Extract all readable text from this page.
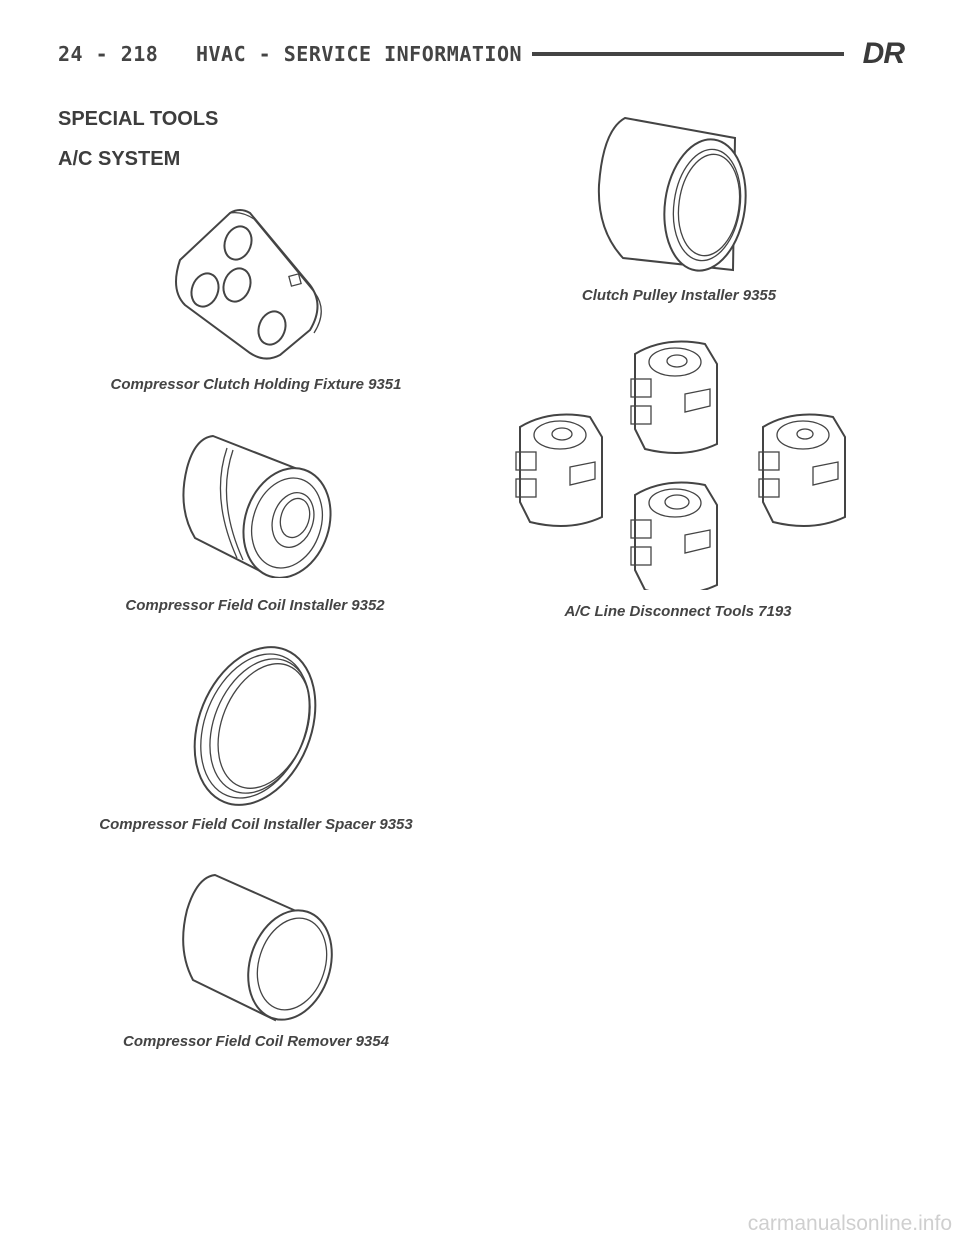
24 - 218 HVAC - SERVICE INFORMATION	DR
SPECIAL TOOLS
A/C SYSTEM
Compressor Clutch Holding Fixture 9351
Compressor Field Coil Installer 9352
Compressor Field Coil Installer Spacer 9353
Compressor Field Coil Remover 9354
Clutch Pulley Installer 9355
A/C Line Disconnect Tools 7193
carmanualsonline.info
